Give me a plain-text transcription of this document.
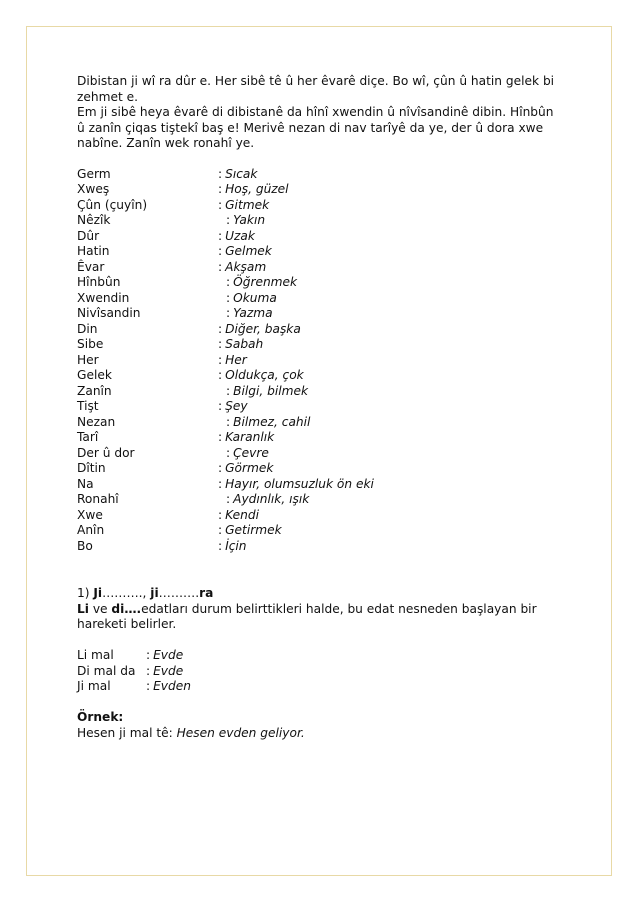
Dibistan ji wî ra dûr e. Her sibê tê û her êvarê diçe. Bo wî, çûn û hatin gelek bi

zehmet e.

Em ji sibê heya êvarê di dibistanê da hînî xwendin û nîvîsandinê dibin. Hînbûn

û zanîn çiqas tiştekî baş e! Merivê nezan di nav tarîyê da ye, der û dora xwe

nabîne. Zanîn wek ronahî ye.

Germ	: Sıcak
Xweş	: Hoş, güzel
Çûn (çuyîn)	: Gitmek
Nêzîk	: Yakın
Dûr	: Uzak
Hatin	: Gelmek
Êvar	: Akşam
Hînbûn	: Öğrenmek
Xwendin	: Okuma
Nivîsandin	: Yazma
Din	: Diğer, başka
Sibe	: Sabah
Her	: Her
Gelek	: Oldukça, çok
Zanîn	: Bilgi, bilmek
Tişt	: Şey
Nezan	: Bilmez, cahil
Tarî	: Karanlık
Der û dor	: Çevre
Dîtin	: Görmek
Na	: Hayır, olumsuzluk ön eki
Ronahî	: Aydınlık, ışık
Xwe	: Kendi
Anîn	: Getirmek
Bo	: İçin

1) Ji………., ji……….ra

Li ve di….edatları durum belirttikleri halde, bu edat nesneden başlayan bir

hareketi belirler.

Li mal	: Evde
Di mal da : Evde
Ji mal	: Evden

Örnek:

Hesen ji mal tê: Hesen evden geliyor.
